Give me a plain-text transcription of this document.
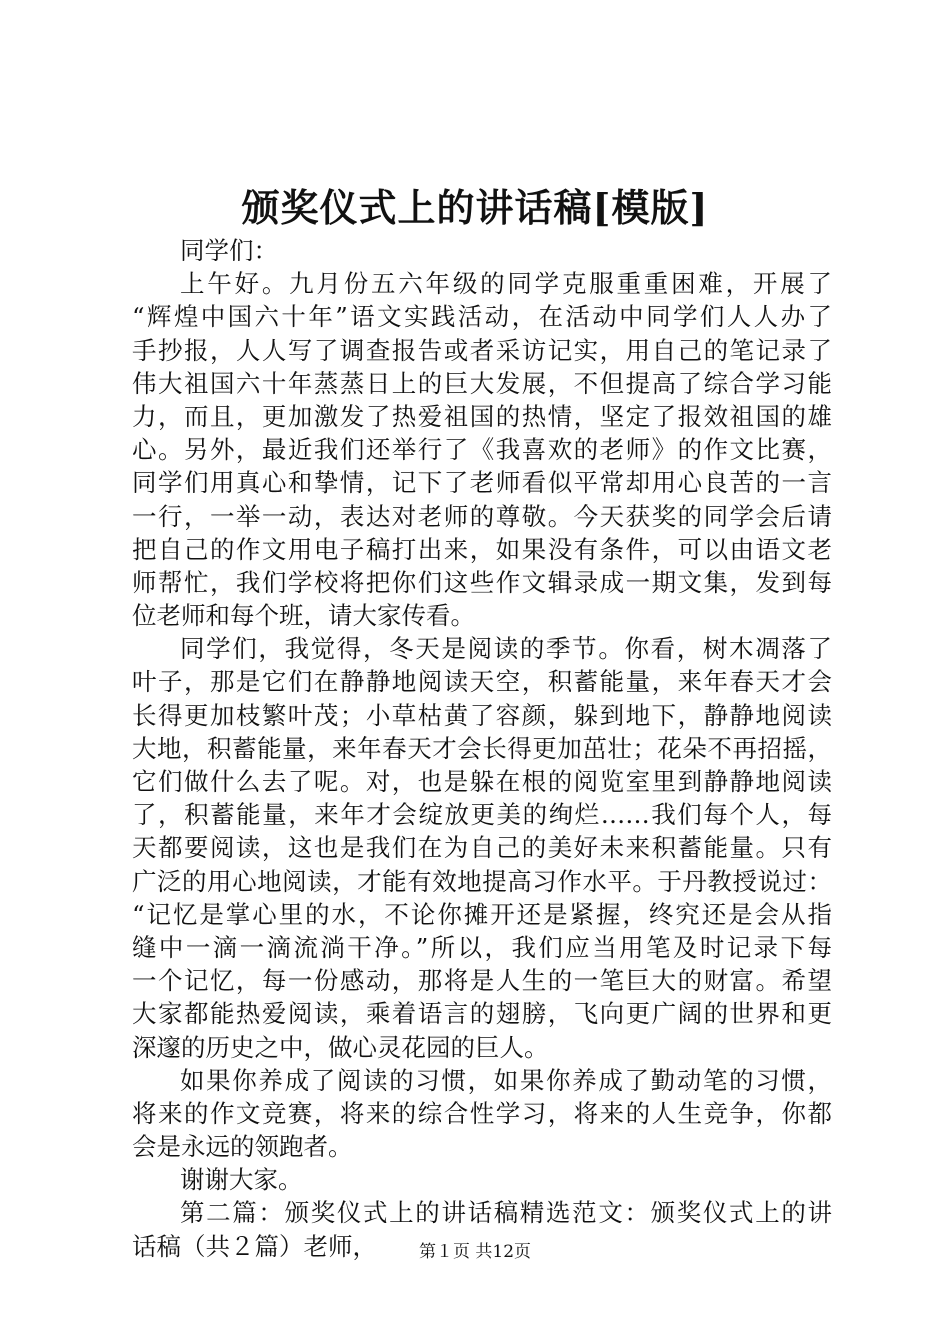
颁奖仪式上的讲话稿[模版]
同学们：
上午好。九月份五六年级的同学克服重重困难，开展了
“辉煌中国六十年”语文实践活动，在活动中同学们人人办了
手抄报，人人写了调查报告或者采访记实，用自己的笔记录了
伟大祖国六十年蒸蒸日上的巨大发展，不但提高了综合学习能
力，而且，更加激发了热爱祖国的热情，坚定了报效祖国的雄
心。另外，最近我们还举行了《我喜欢的老师》的作文比赛，
同学们用真心和挚情，记下了老师看似平常却用心良苦的一言
一行，一举一动，表达对老师的尊敬。今天获奖的同学会后请
把自己的作文用电子稿打出来，如果没有条件，可以由语文老
师帮忙，我们学校将把你们这些作文辑录成一期文集，发到每
位老师和每个班，请大家传看。
同学们，我觉得，冬天是阅读的季节。你看，树木凋落了
叶子，那是它们在静静地阅读天空，积蓄能量，来年春天才会
长得更加枝繁叶茂；小草枯黄了容颜，躲到地下，静静地阅读
大地，积蓄能量，来年春天才会长得更加茁壮；花朵不再招摇，
它们做什么去了呢。对，也是躲在根的阅览室里到静静地阅读
了，积蓄能量，来年才会绽放更美的绚烂……我们每个人，每
天都要阅读，这也是我们在为自己的美好未来积蓄能量。只有
广泛的用心地阅读，才能有效地提高习作水平。于丹教授说过：
“记忆是掌心里的水，不论你摊开还是紧握，终究还是会从指
缝中一滴一滴流淌干净。”所以，我们应当用笔及时记录下每
一个记忆，每一份感动，那将是人生的一笔巨大的财富。希望
大家都能热爱阅读，乘着语言的翅膀，飞向更广阔的世界和更
深邃的历史之中，做心灵花园的巨人。
如果你养成了阅读的习惯，如果你养成了勤动笔的习惯，
将来的作文竞赛，将来的综合性学习，将来的人生竞争，你都
会是永远的领跑者。
谢谢大家。
第二篇：颁奖仪式上的讲话稿精选范文：颁奖仪式上的讲
话稿（共２篇）老师，	第１页 共12页
